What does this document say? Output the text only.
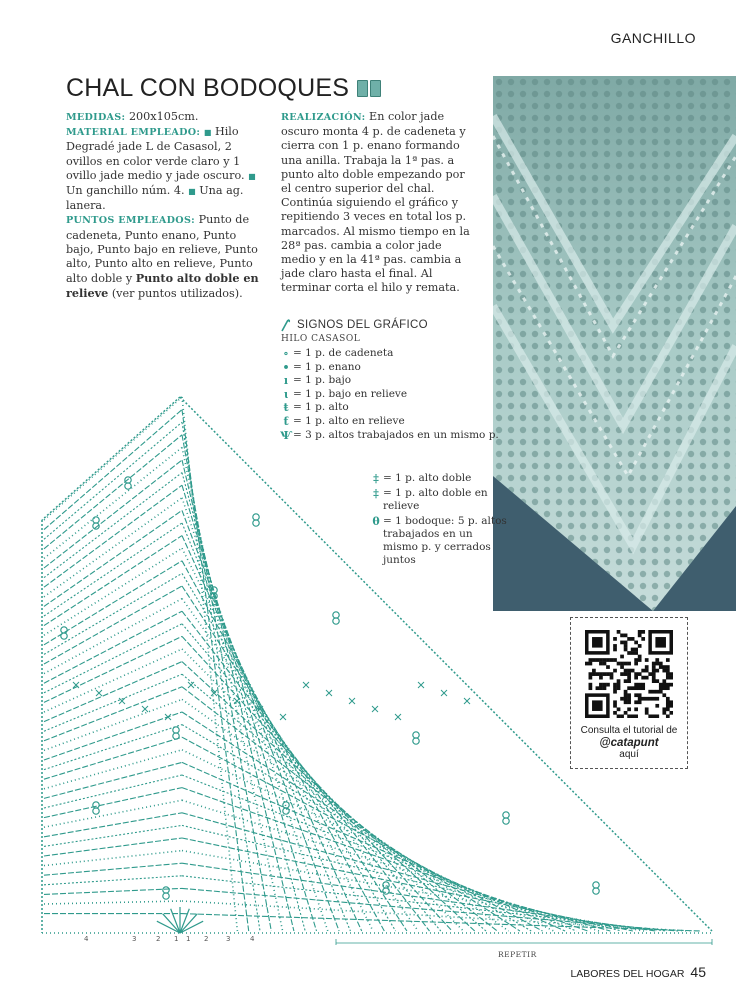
GANCHILLO
CHAL CON BODOQUES
MEDIDAS: 200x105cm.
MATERIAL EMPLEADO: ■ Hilo Degradé jade L de Casasol, 2 ovillos en color verde claro y 1 ovillo jade medio y jade oscuro. ■ Un ganchillo núm. 4. ■ Una ag. lanera.
PUNTOS EMPLEADOS: Punto de cadeneta, Punto enano, Punto bajo, Punto bajo en relieve, Punto alto, Punto alto en relieve, Punto alto doble y Punto alto doble en relieve (ver puntos utilizados).
REALIZACIÓN: En color jade oscuro monta 4 p. de cadeneta y cierra con 1 p. enano formando una anilla. Trabaja la 1ª pas. a punto alto doble empezando por el centro superior del chal. Continúa siguiendo el gráfico y repitiendo 3 veces en total los p. marcados. Al mismo tiempo en la 28ª pas. cambia a color jade medio y en la 41ª pas. cambia a jade claro hasta el final. Al terminar corta el hilo y remata.
SIGNOS DEL GRÁFICO
HILO CASASOL
∘ = 1 p. de cadeneta
• = 1 p. enano
ı = 1 p. bajo
ɩ = 1 p. bajo en relieve
ŧ = 1 p. alto
ƭ = 1 p. alto en relieve
Ѱ = 3 p. altos trabajados en un mismo p.
‡ = 1 p. alto doble
‡ = 1 p. alto doble en relieve
θ = 1 bodoque: 5 p. altos trabajados en un mismo p. y cerrados juntos
Consulta el tutorial de
@catapunt
aquí
4	3	2 1 1 2	3	4
REPETIR
LABORES DEL HOGAR 45
